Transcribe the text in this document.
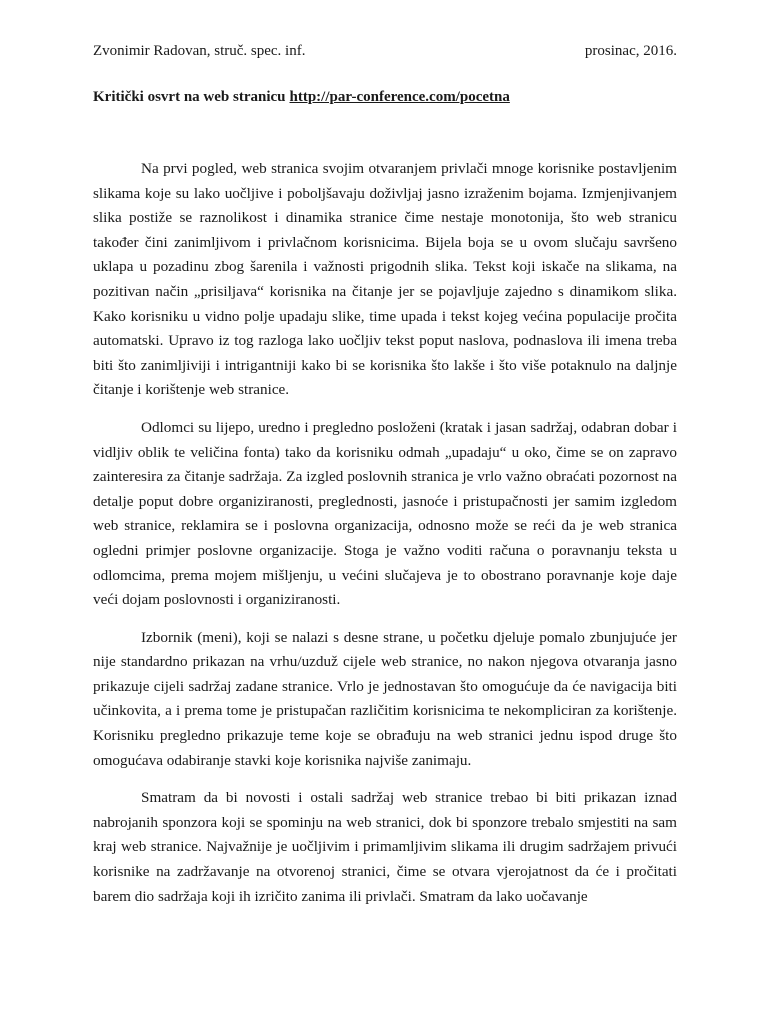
Zvonimir Radovan, struč. spec. inf.	prosinac, 2016.
Kritički osvrt na web stranicu http://par-conference.com/pocetna

Na prvi pogled, web stranica svojim otvaranjem privlači mnoge korisnike postavljenim slikama koje su lako uočljive i poboljšavaju doživljaj jasno izraženim bojama. Izmjenjivanjem slika postiže se raznolikost i dinamika stranice čime nestaje monotonija, što web stranicu također čini zanimljivom i privlačnom korisnicima. Bijela boja se u ovom slučaju savršeno uklapa u pozadinu zbog šarenila i važnosti prigodnih slika. Tekst koji iskače na slikama, na pozitivan način „prisiljava“ korisnika na čitanje jer se pojavljuje zajedno s dinamikom slika. Kako korisniku u vidno polje upadaju slike, time upada i tekst kojeg većina populacije pročita automatski. Upravo iz tog razloga lako uočljiv tekst poput naslova, podnaslova ili imena treba biti što zanimljiviji i intrigantniji kako bi se korisnika što lakše i što više potaknulo na daljnje čitanje i korištenje web stranice.

Odlomci su lijepo, uredno i pregledno posloženi (kratak i jasan sadržaj, odabran dobar i vidljiv oblik te veličina fonta) tako da korisniku odmah „upadaju“ u oko, čime se on zapravo zainteresira za čitanje sadržaja. Za izgled poslovnih stranica je vrlo važno obraćati pozornost na detalje poput dobre organiziranosti, preglednosti, jasnoće i pristupačnosti jer samim izgledom web stranice, reklamira se i poslovna organizacija, odnosno može se reći da je web stranica ogledni primjer poslovne organizacije. Stoga je važno voditi računa o poravnanju teksta u odlomcima, prema mojem mišljenju, u većini slučajeva je to obostrano poravnanje koje daje veći dojam poslovnosti i organiziranosti.

Izbornik (meni), koji se nalazi s desne strane, u početku djeluje pomalo zbunjujuće jer nije standardno prikazan na vrhu/uzduž cijele web stranice, no nakon njegova otvaranja jasno prikazuje cijeli sadržaj zadane stranice. Vrlo je jednostavan što omogućuje da će navigacija biti učinkovita, a i prema tome je pristupačan različitim korisnicima te nekompliciran za korištenje. Korisniku pregledno prikazuje teme koje se obrađuju na web stranici jednu ispod druge što omogućava odabiranje stavki koje korisnika najviše zanimaju.

Smatram da bi novosti i ostali sadržaj web stranice trebao bi biti prikazan iznad nabrojanih sponzora koji se spominju na web stranici, dok bi sponzore trebalo smjestiti na sam kraj web stranice. Najvažnije je uočljivim i primamljivim slikama ili drugim sadržajem privući korisnike na zadržavanje na otvorenoj stranici, čime se otvara vjerojatnost da će i pročitati barem dio sadržaja koji ih izričito zanima ili privlači. Smatram da lako uočavanje
